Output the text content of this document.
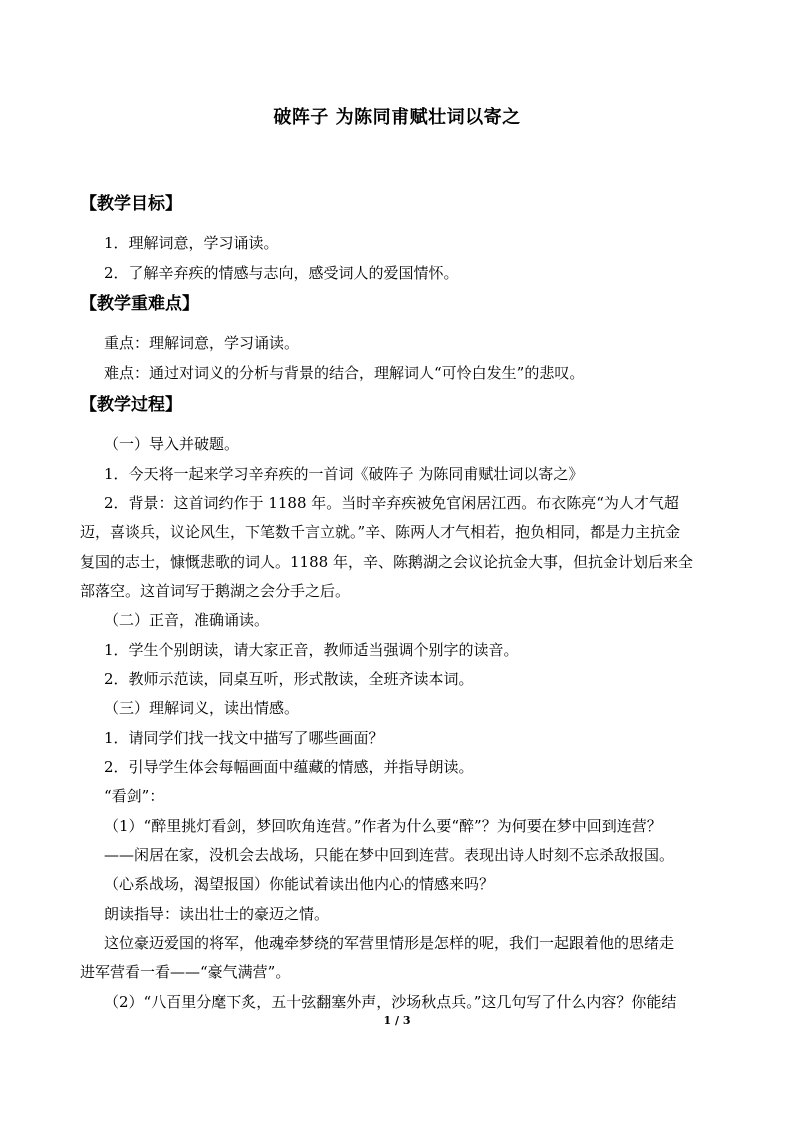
破阵子 为陈同甫赋壮词以寄之
【教学目标】
1．理解词意，学习诵读。
2．了解辛弃疾的情感与志向，感受词人的爱国情怀。
【教学重难点】
重点：理解词意，学习诵读。
难点：通过对词义的分析与背景的结合，理解词人“可怜白发生”的悲叹。
【教学过程】
（一）导入并破题。
1．今天将一起来学习辛弃疾的一首词《破阵子 为陈同甫赋壮词以寄之》
2．背景：这首词约作于 1188 年。当时辛弃疾被免官闲居江西。布衣陈亮“为人才气超
迈，喜谈兵，议论风生，下笔数千言立就。”辛、陈两人才气相若，抱负相同，都是力主抗金
复国的志士，慷慨悲歌的词人。1188 年，辛、陈鹅湖之会议论抗金大事，但抗金计划后来全
部落空。这首词写于鹅湖之会分手之后。
（二）正音，准确诵读。
1．学生个别朗读，请大家正音，教师适当强调个别字的读音。
2．教师示范读，同桌互听，形式散读，全班齐读本词。
（三）理解词义，读出情感。
1．请同学们找一找文中描写了哪些画面？
2．引导学生体会每幅画面中蕴藏的情感，并指导朗读。
“看剑”：
（1）“醉里挑灯看剑，梦回吹角连营。”作者为什么要“醉”？为何要在梦中回到连营？
——闲居在家，没机会去战场，只能在梦中回到连营。表现出诗人时刻不忘杀敌报国。
（心系战场，渴望报国）你能试着读出他内心的情感来吗？
朗读指导：读出壮士的豪迈之情。
这位豪迈爱国的将军，他魂牵梦绕的军营里情形是怎样的呢，我们一起跟着他的思绪走
进军营看一看——“豪气满营”。
（2）“八百里分麾下炙，五十弦翻塞外声，沙场秋点兵。”这几句写了什么内容？你能结
1 / 3
